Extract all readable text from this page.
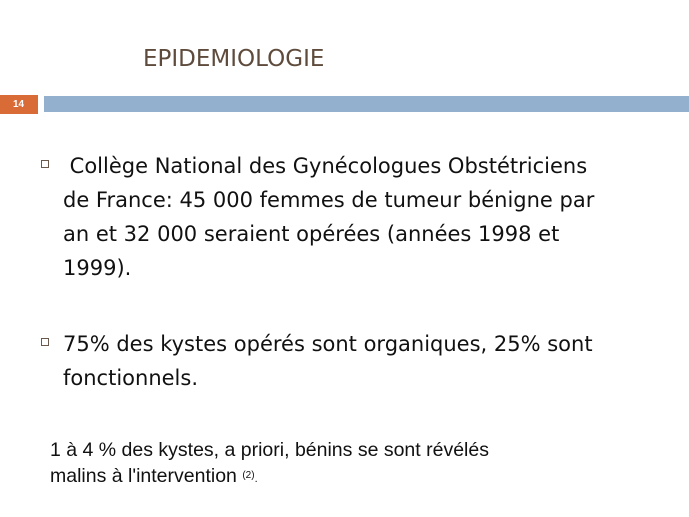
EPIDEMIOLOGIE
14
Collège National des Gynécologues Obstétriciens
de France: 45 000 femmes de tumeur bénigne par
an et 32 000 seraient opérées (années 1998 et
1999).
75% des kystes opérés sont organiques, 25% sont
fonctionnels.
1 à 4 % des kystes, a priori, bénins se sont révélés
malins à l'intervention $^{(2)}$.
